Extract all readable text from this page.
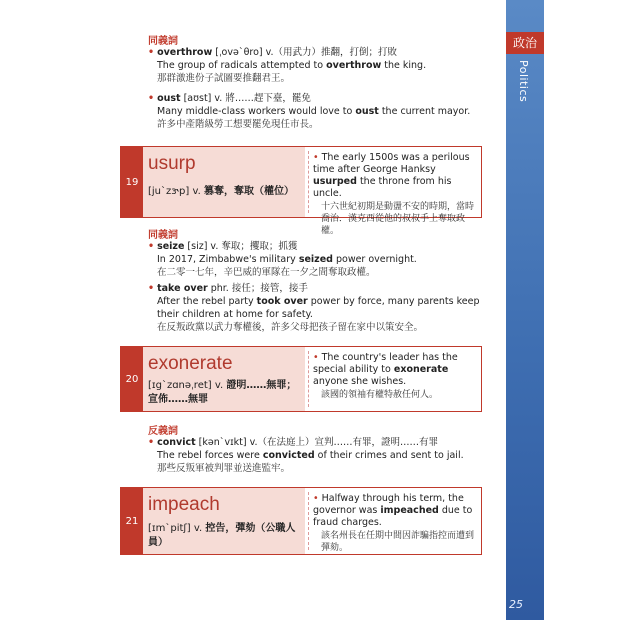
政治
Politics
25
同義詞
• overthrow [ˌovəˋθro] v.（用武力）推翻，打倒；打敗
The group of radicals attempted to overthrow the king.
那群激進份子試圖要推翻君王。
• oust [aʊst] v. 將……趕下臺，罷免
Many middle-class workers would love to oust the current mayor.
許多中產階級勞工想要罷免現任市長。
19
usurp
[juˋzɝp] v. 篡奪，奪取（權位）
• The early 1500s was a perilous time after George Hanksy usurped the throne from his uncle.
十六世紀初期是動盪不安的時期，當時喬治．漢克西從他的叔叔手上奪取政權。
同義詞
• seize [siz] v. 奪取；攫取；抓獲
In 2017, Zimbabwe's military seized power overnight.
在二零一七年，辛巴威的軍隊在一夕之間奪取政權。
• take over phr. 接任；接管，接手
After the rebel party took over power by force, many parents keep their children at home for safety.
在反叛政黨以武力奪權後，許多父母把孩子留在家中以策安全。
20
exonerate
[ɪgˋzɑnəˌret] v. 證明……無罪；宣佈……無罪
• The country's leader has the special ability to exonerate anyone she wishes.
該國的領袖有權特赦任何人。
反義詞
• convict [kənˋvɪkt] v.（在法庭上）宣判……有罪，證明……有罪
The rebel forces were convicted of their crimes and sent to jail.
那些反叛軍被判罪並送進監牢。
21
impeach
[ɪmˋpitʃ] v. 控告，彈劾（公職人員）
• Halfway through his term, the governor was impeached due to fraud charges.
該名州長在任期中間因詐騙指控而遭到彈劾。
